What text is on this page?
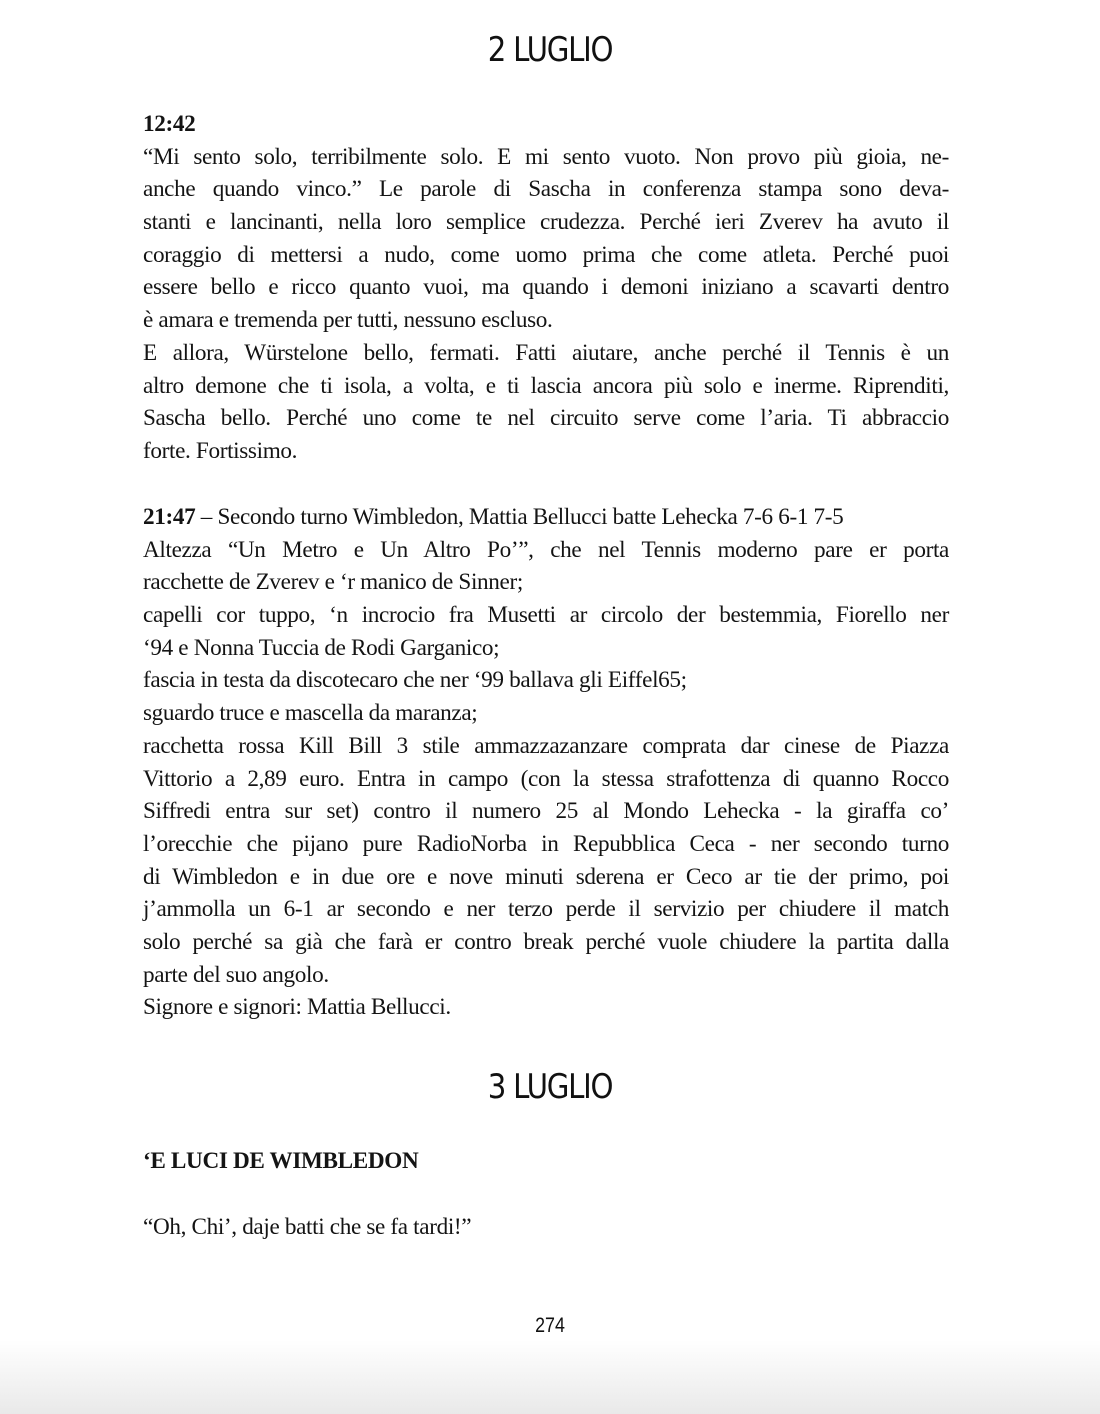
2 LUGLIO
12:42
“Mi sento solo, terribilmente solo. E mi sento vuoto. Non provo più gioia, ne-
anche quando vinco.” Le parole di Sascha in conferenza stampa sono deva-
stanti e lancinanti, nella loro semplice crudezza. Perché ieri Zverev ha avuto il
coraggio di mettersi a nudo, come uomo prima che come atleta. Perché puoi
essere bello e ricco quanto vuoi, ma quando i demoni iniziano a scavarti dentro
è amara e tremenda per tutti, nessuno escluso.
E allora, Würstelone bello, fermati. Fatti aiutare, anche perché il Tennis è un
altro demone che ti isola, a volta, e ti lascia ancora più solo e inerme. Riprenditi,
Sascha bello. Perché uno come te nel circuito serve come l’aria. Ti abbraccio
forte. Fortissimo.
21:47 – Secondo turno Wimbledon, Mattia Bellucci batte Lehecka 7-6 6-1 7-5
Altezza “Un Metro e Un Altro Po’”, che nel Tennis moderno pare er porta
racchette de Zverev e ‘r manico de Sinner;
capelli cor tuppo, ‘n incrocio fra Musetti ar circolo der bestemmia, Fiorello ner
‘94 e Nonna Tuccia de Rodi Garganico;
fascia in testa da discotecaro che ner ‘99 ballava gli Eiffel65;
sguardo truce e mascella da maranza;
racchetta rossa Kill Bill 3 stile ammazzazanzare comprata dar cinese de Piazza
Vittorio a 2,89 euro. Entra in campo (con la stessa strafottenza di quanno Rocco
Siffredi entra sur set) contro il numero 25 al Mondo Lehecka - la giraffa co’
l’orecchie che pijano pure RadioNorba in Repubblica Ceca - ner secondo turno
di Wimbledon e in due ore e nove minuti sderena er Ceco ar tie der primo, poi
j’ammolla un 6-1 ar secondo e ner terzo perde il servizio per chiudere il match
solo perché sa già che farà er contro break perché vuole chiudere la partita dalla
parte del suo angolo.
Signore e signori: Mattia Bellucci.
3 LUGLIO
‘E LUCI DE WIMBLEDON
“Oh, Chi’, daje batti che se fa tardi!”
274
